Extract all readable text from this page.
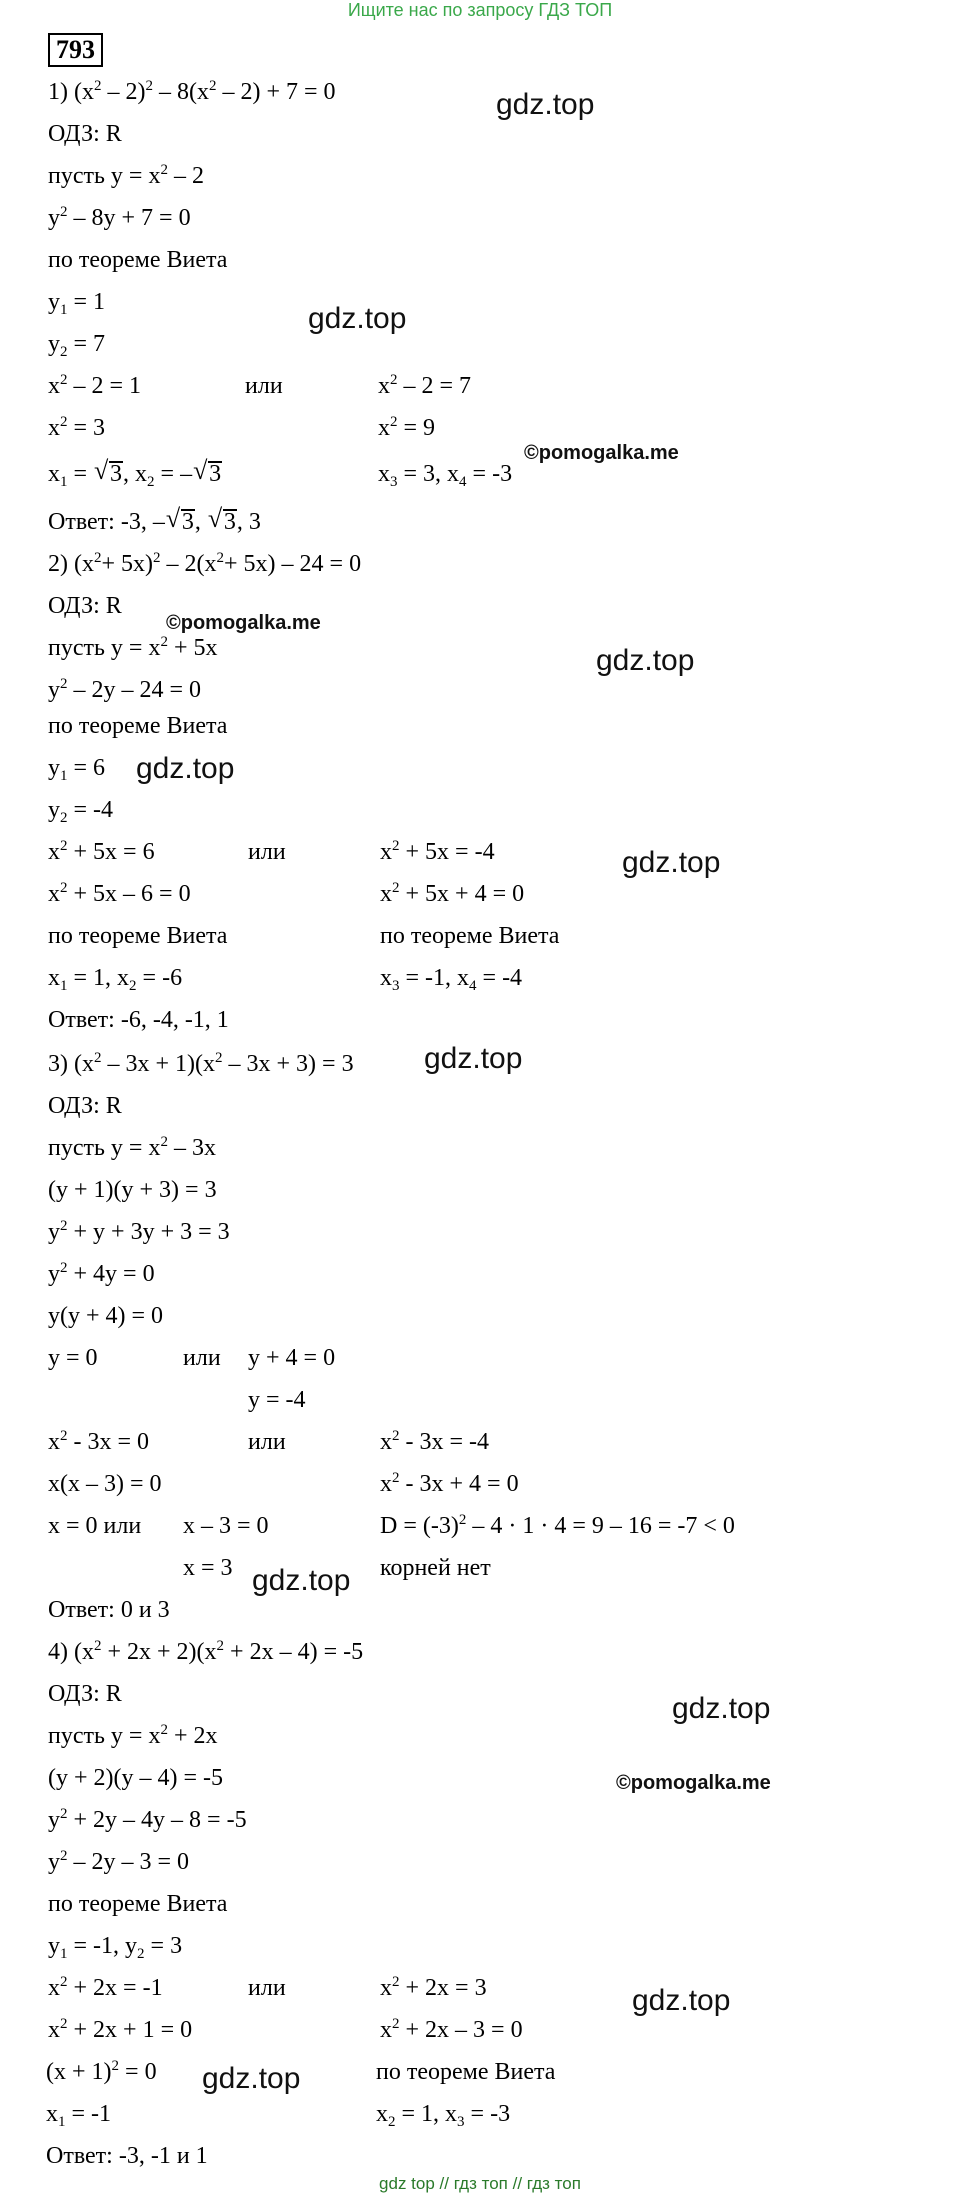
Ищите нас по запросу ГДЗ ТОП
793
1) $(x^2 - 2)^2 - 8(x^2 - 2) + 7 = 0$
ОДЗ: R
пусть $y = x^2 - 2$
$y^2 - 8y + 7 = 0$
по теореме Виета
$y_1 = 1$
$y_2 = 7$
$x^2 - 2 = 1$	или	$x^2 - 2 = 7$
$x^2 = 3$	$x^2 = 9$
$x_1$ = √ 3, $x_2$ = – √ 3	$x_3 = 3$, $x_4 = -3$
Ответ: -3, – √ 3, √ 3, 3
2) $(x^2+ 5x)^2 - 2(x^2+ 5x) - 24 = 0$
ОДЗ: R
пусть $y = x^2 + 5x$
$y^2 - 2y - 24 = 0$
по теореме Виета
$y_1 = 6$
$y_2 = -4$
$x^2 + 5x = 6$	или	$x^2 + 5x = -4$
$x^2 + 5x - 6 = 0$	$x^2 + 5x + 4 = 0$
по теореме Виета	по теореме Виета
$x_1 = 1$, $x_2 = -6$	$x_3 = -1$, $x_4 = -4$
Ответ: -6, -4, -1, 1
3) $(x^2 - 3x + 1)(x^2 - 3x + 3) = 3$
ОДЗ: R
пусть $y = x^2 - 3x$
(y + 1)(y + 3) = 3
$y^2 + y + 3y + 3 = 3$
$y^2 + 4y = 0$
y(y + 4) = 0
y = 0	или y + 4 = 0
y = -4
$x^2 - 3x = 0$	или	$x^2 - 3x = -4$
x(x – 3) = 0	$x^2 - 3x + 4 = 0$
x = 0 или x – 3 = 0	$D = (-3)^2 - 4 \cdot 1 \cdot 4 = 9 - 16 = -7 < 0$
x = 3	корней нет
Ответ: 0 и 3
4) $(x^2 + 2x + 2)(x^2 + 2x - 4) = -5$
ОДЗ: R
пусть $y = x^2 + 2x$
(y + 2)(y – 4) = -5
$y^2 + 2y - 4y - 8 = -5$
$y^2 - 2y - 3 = 0$
по теореме Виета
$y_1 = -1$, $y_2 = 3$
$x^2 + 2x = -1$	или	$x^2 + 2x = 3$
$x^2 + 2x + 1 = 0$	$x^2 + 2x - 3 = 0$
$(x + 1)^2 = 0$	по теореме Виета
$x_1 = -1$	$x_2 = 1$, $x_3 = -3$
Ответ: -3, -1 и 1
gdz.top
gdz.top
gdz.top
gdz.top
gdz.top
gdz.top
gdz.top
gdz.top
gdz.top
gdz.top
©pomogalka.me
©pomogalka.me
©pomogalka.me
gdz top // гдз топ // гдз топ
